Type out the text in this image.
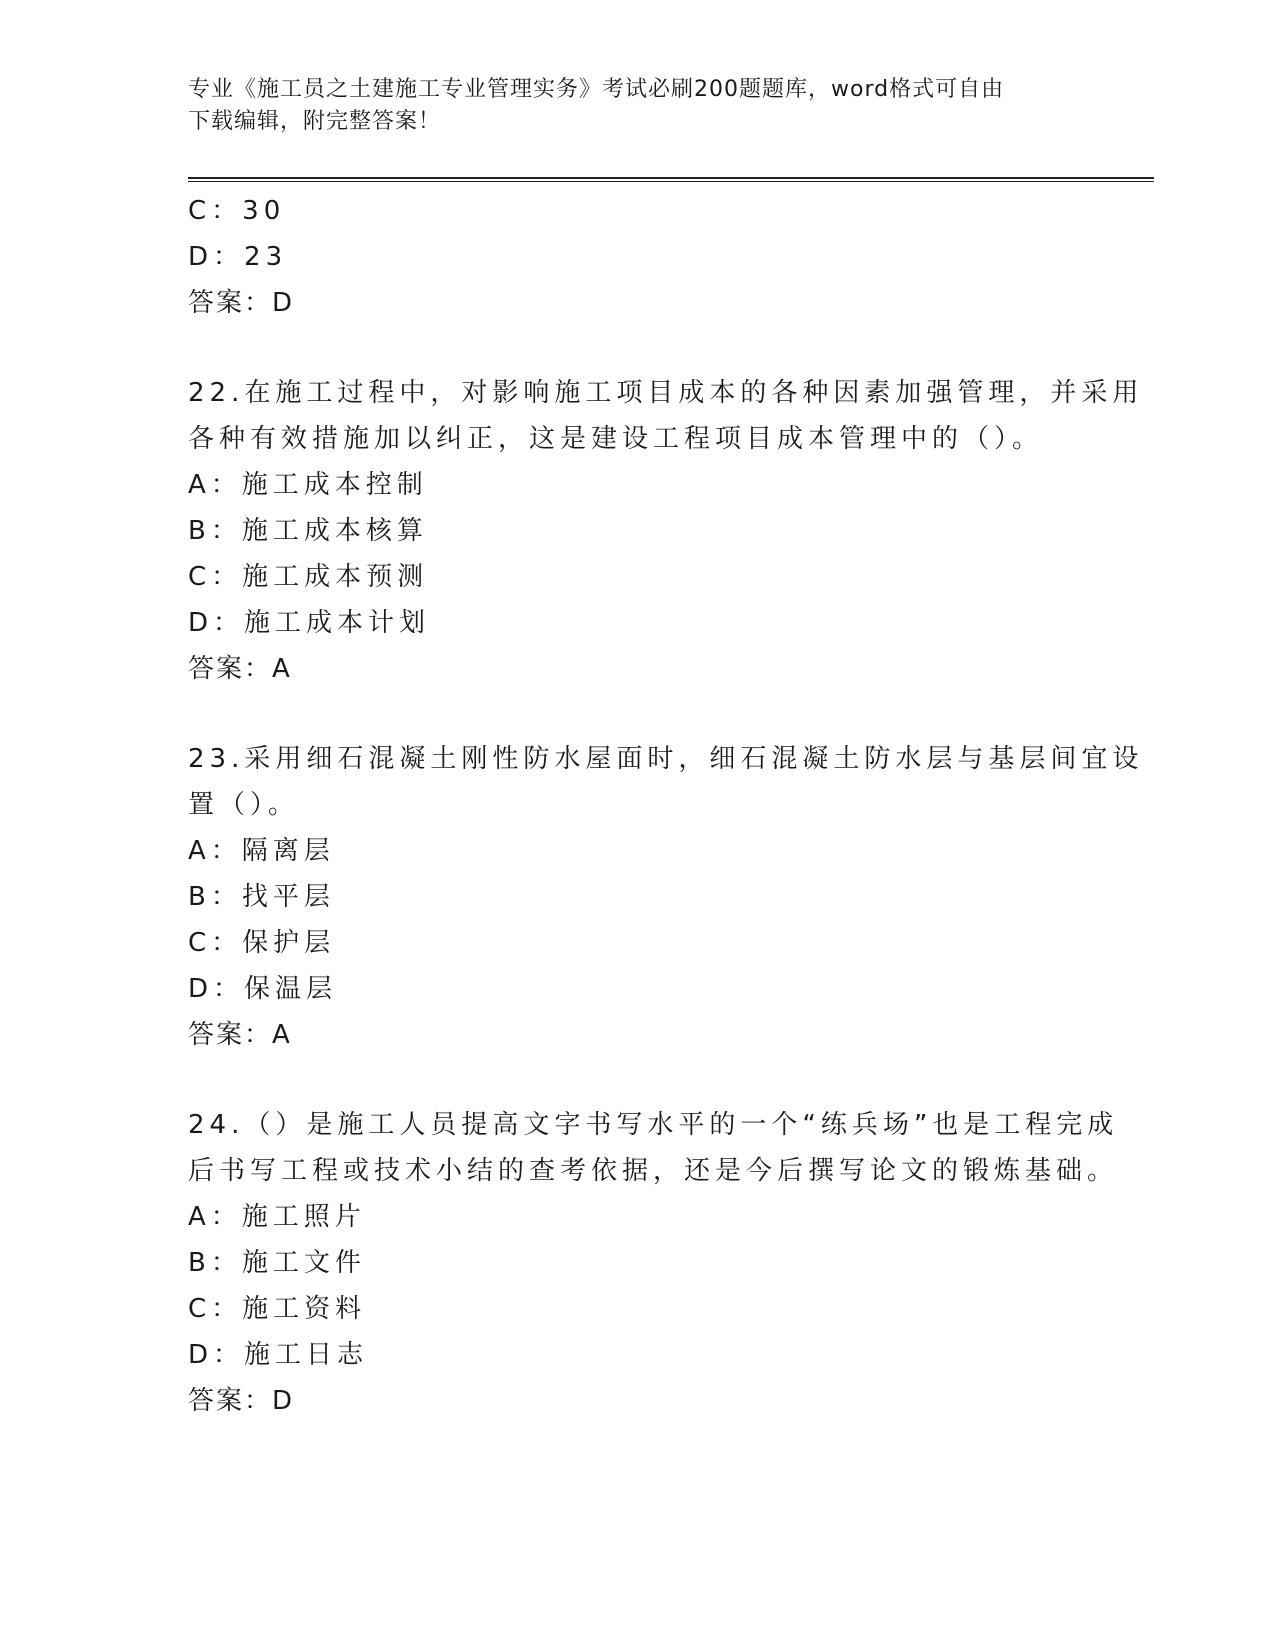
专业《施工员之土建施工专业管理实务》考试必刷200题题库，word格式可自由
下载编辑，附完整答案！
C：30
D：23
答案：D
22.在施工过程中，对影响施工项目成本的各种因素加强管理，并采用
各种有效措施加以纠正，这是建设工程项目成本管理中的（）。
A：施工成本控制
B：施工成本核算
C：施工成本预测
D：施工成本计划
答案：A
23.采用细石混凝土刚性防水屋面时，细石混凝土防水层与基层间宜设
置（）。
A：隔离层
B：找平层
C：保护层
D：保温层
答案：A
24.（）是施工人员提高文字书写水平的一个“练兵场”也是工程完成
后书写工程或技术小结的查考依据，还是今后撰写论文的锻炼基础。
A：施工照片
B：施工文件
C：施工资料
D：施工日志
答案：D
